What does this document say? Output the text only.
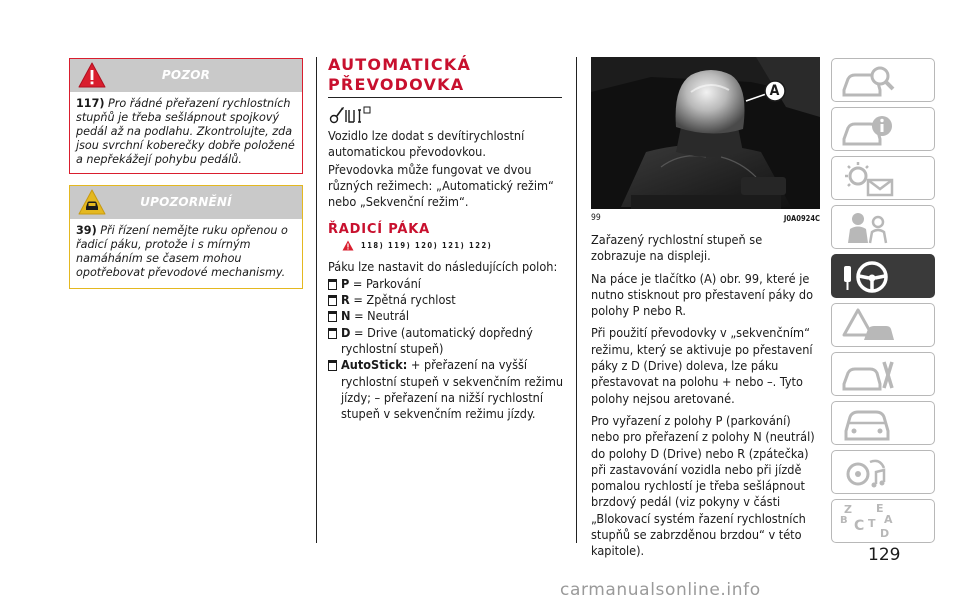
POZOR
117) Pro řádné přeřazení rychlostních stupňů je třeba sešlápnout spojkový pedál až na podlahu. Zkontrolujte, zda jsou svrchní koberečky dobře položené a nepřekážejí pohybu pedálů.
UPOZORNĚNÍ
39) Při řízení nemějte ruku opřenou o řadicí páku, protože i s mírným namáháním se časem mohou opotřebovat převodové mechanismy.
AUTOMATICKÁ
PŘEVODOVKA
Vozidlo lze dodat s devítirychlostní automatickou převodovkou.
Převodovka může fungovat ve dvou různých režimech: „Automatický režim“ nebo „Sekvenční režim“.
ŘADICÍ PÁKA
118) 119) 120) 121) 122)
Páku lze nastavit do následujících poloh:
P = Parkování
R = Zpětná rychlost
N = Neutrál
D = Drive (automatický dopředný rychlostní stupeň)
AutoStick: + přeřazení na vyšší rychlostní stupeň v sekvenčním režimu jízdy; – přeřazení na nižší rychlostní stupeň v sekvenčním režimu jízdy.
A
99	J0A0924C
Zařazený rychlostní stupeň se zobrazuje na displeji.
Na páce je tlačítko (A) obr. 99, které je nutno stisknout pro přestavení páky do polohy P nebo R.
Při použití převodovky v „sekvenčním“ režimu, který se aktivuje po přestavení páky z D (Drive) doleva, lze páku přestavovat na polohu + nebo –. Tyto polohy nejsou aretované.
Pro vyřazení z polohy P (parkování) nebo pro přeřazení z polohy N (neutrál) do polohy D (Drive) nebo R (zpátečka) při zastavování vozidla nebo při jízdě pomalou rychlostí je třeba sešlápnout brzdový pedál (viz pokyny v části „Blokovací systém řazení rychlostních stupňů se zabrzděnou brzdou“ v této kapitole).
Z E
B C T A
D
129
carmanualsonline.info
